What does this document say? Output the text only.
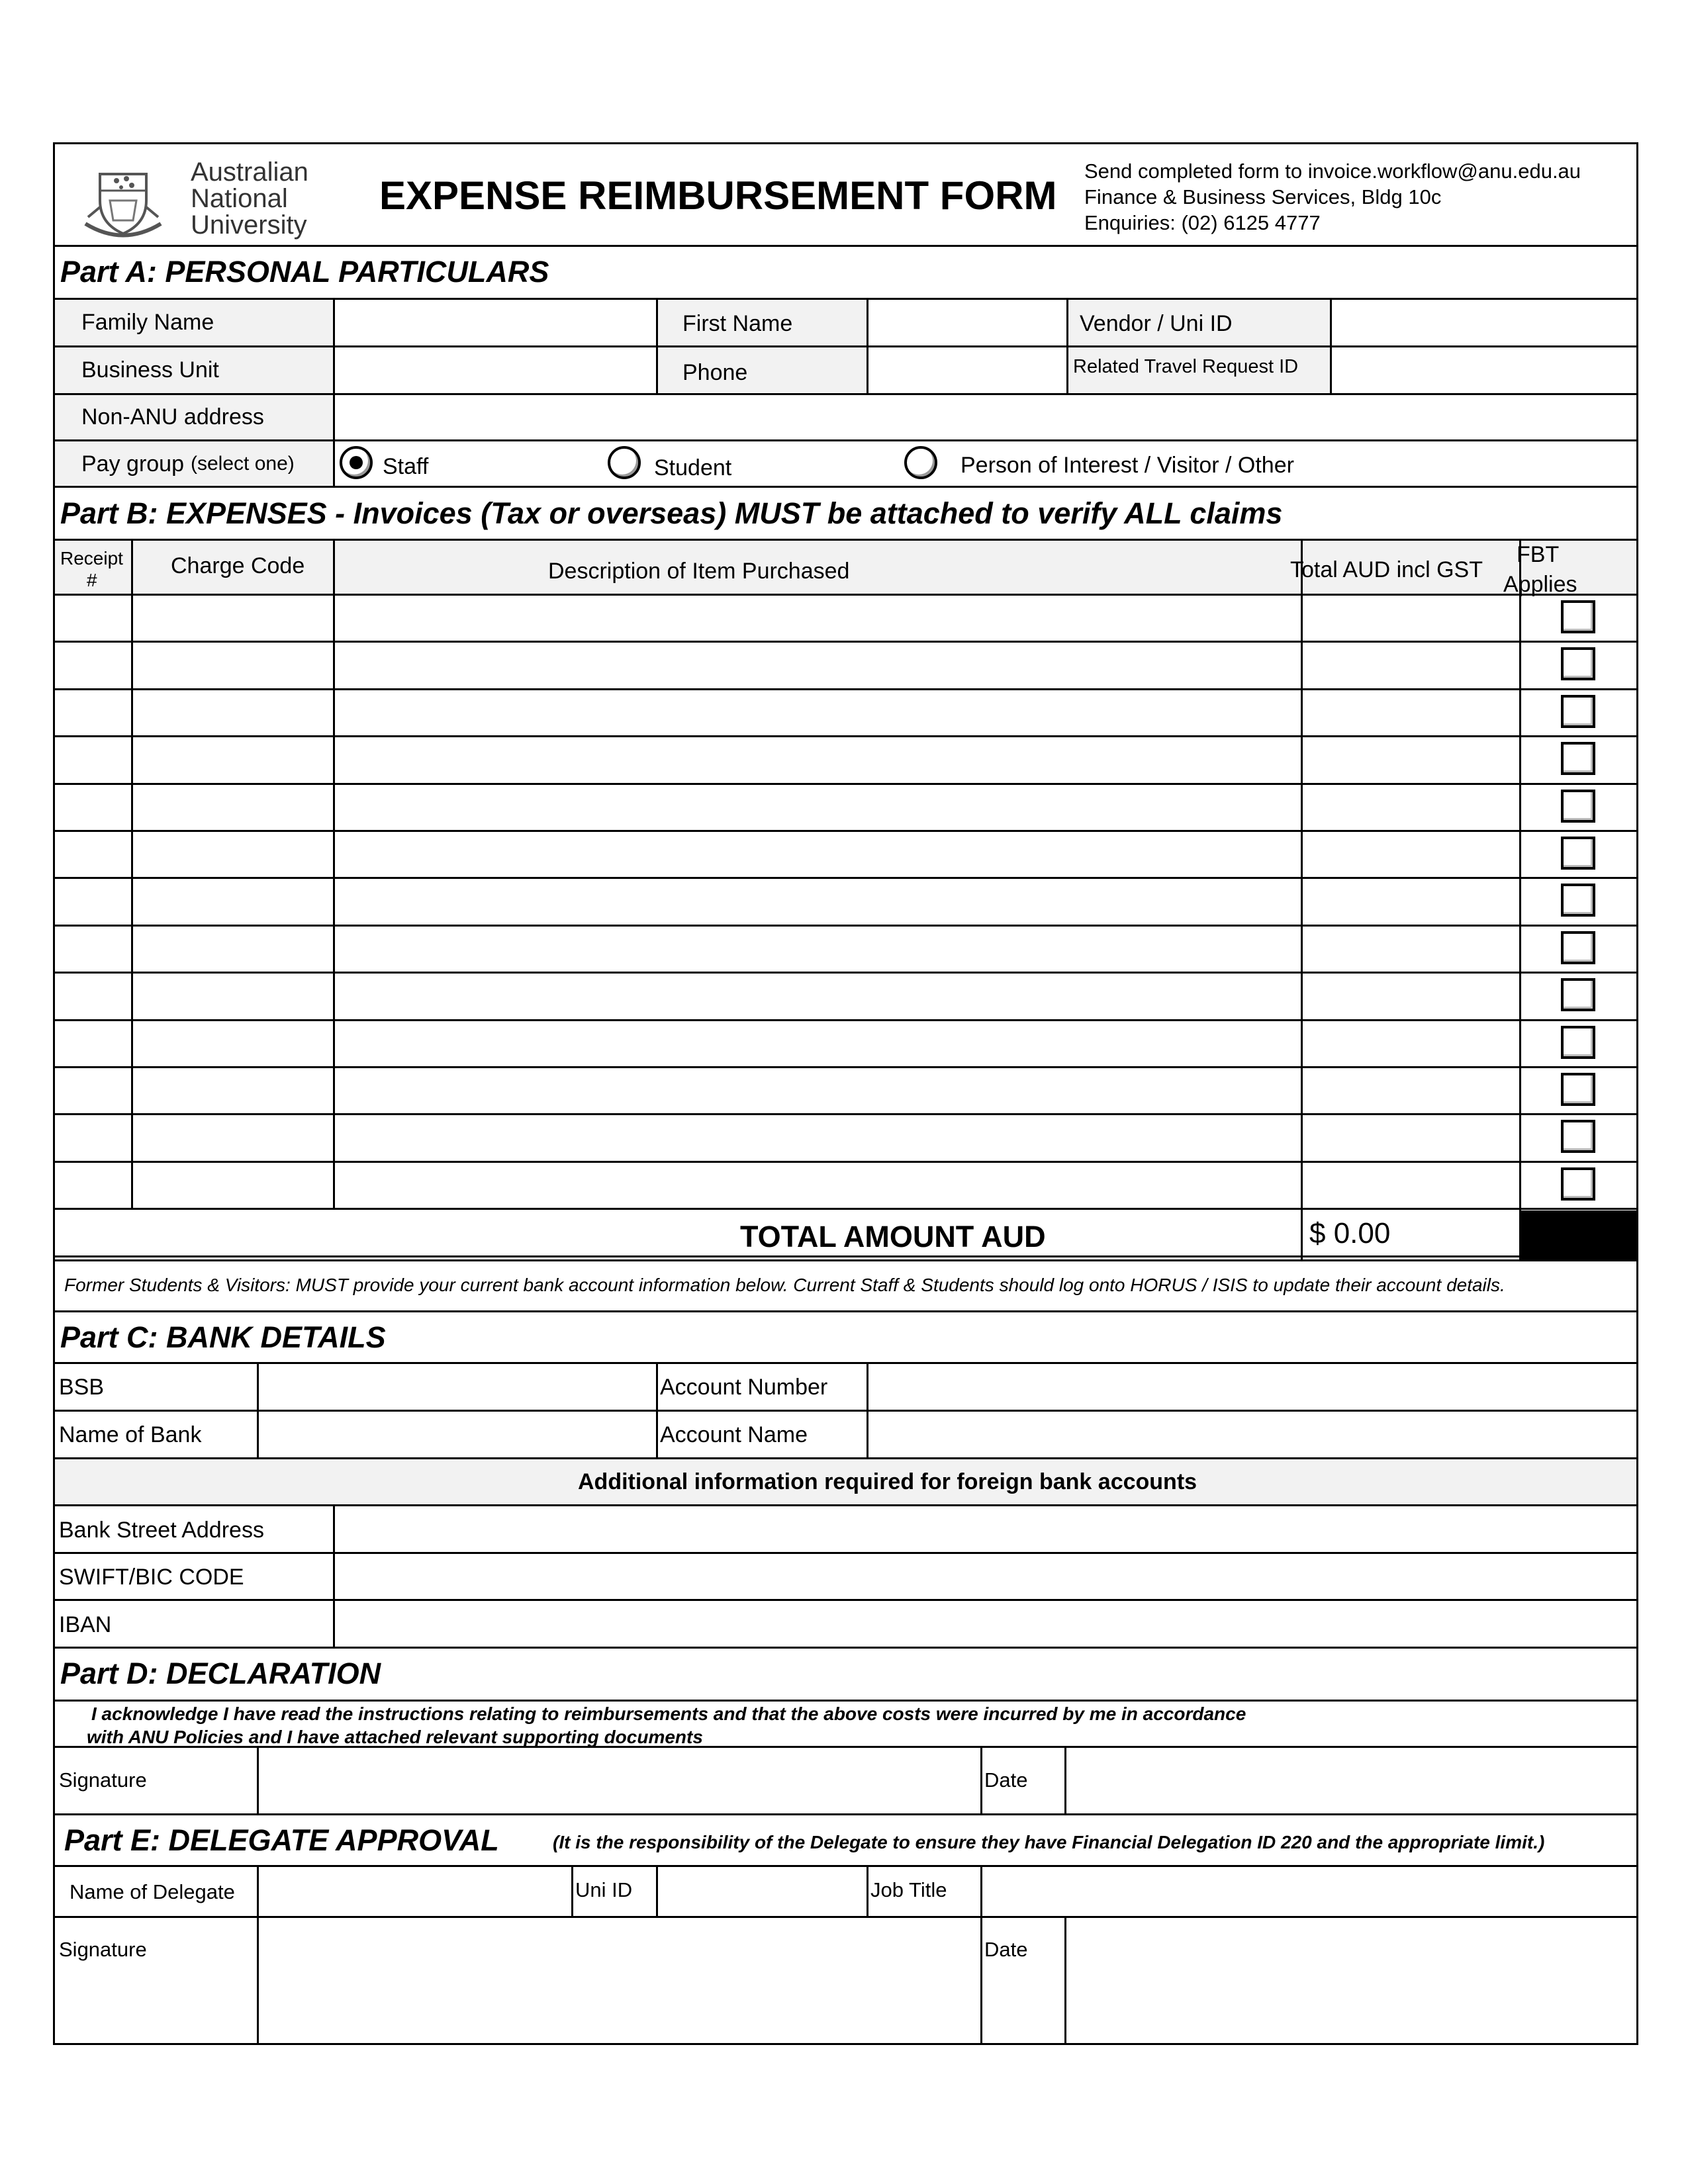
Australian
National
University
EXPENSE REIMBURSEMENT FORM
Send completed form to invoice.workflow@anu.edu.au
Finance & Business Services, Bldg 10c
Enquiries: (02) 6125 4777
Part A: PERSONAL PARTICULARS
Family Name	First Name	Vendor / Uni ID
Business Unit	Phone	Related Travel Request ID
Non-ANU address
Pay group (select one)	Staff	Student	Person of Interest / Visitor / Other
Part B: EXPENSES - Invoices (Tax or overseas) MUST be attached to verify ALL claims
Receipt
#
Charge Code	Description of Item Purchased	Total AUD incl GST
FBT
Applies
TOTAL AMOUNT AUD	$ 0.00
Former Students & Visitors: MUST provide your current bank account information below. Current Staff & Students should log onto HORUS / ISIS to update their account details.
Part C: BANK DETAILS
BSB	Account Number
Name of Bank	Account Name
Additional information required for foreign bank accounts
Bank Street Address
SWIFT/BIC CODE
IBAN
Part D: DECLARATION
I acknowledge I have read the instructions relating to reimbursements and that the above costs were incurred by me in accordance
with ANU Policies and I have attached relevant supporting documents
Signature	Date
Part E: DELEGATE APPROVAL	(It is the responsibility of the Delegate to ensure they have Financial Delegation ID 220 and the appropriate limit.)
Name of Delegate	Uni ID	Job Title
Signature	Date
